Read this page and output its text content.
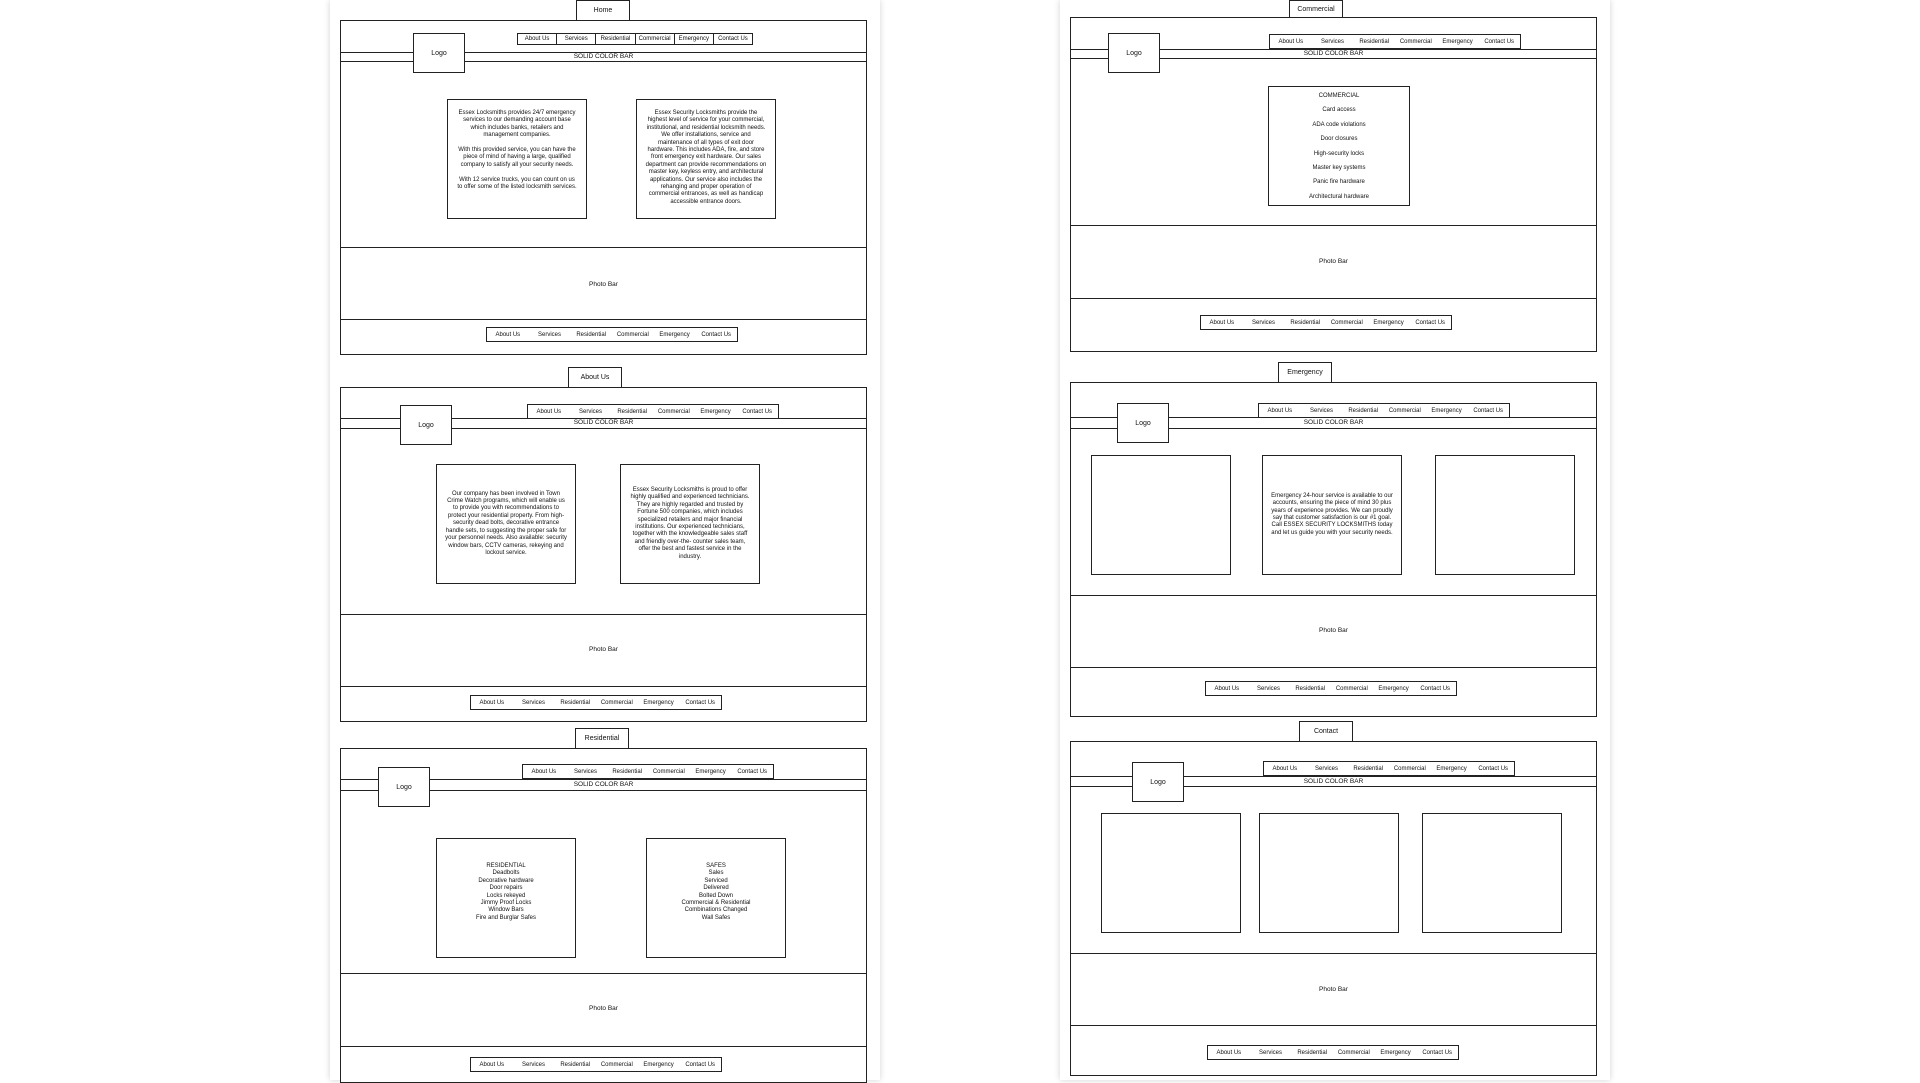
Home
About Us	Services	Residential	Commercial	Emergency	Contact Us
SOLID COLOR BAR
Logo
Essex Locksmiths provides 24/7 emergency services to our demanding account base which includes banks, retailers and management companies.

With this provided service, you can have the piece of mind of having a large, qualified company to satisfy all your security needs.

With 12 service trucks, you can count on us to offer some of the listed locksmith services.
Essex Security Locksmiths provide the highest level of service for your commercial, institutional, and residential locksmith needs. We offer installations, service and maintenance of all types of exit door hardware. This includes ADA, fire, and store front emergency exit hardware. Our sales department can provide recommendations on master key, keyless entry, and architectural applications. Our service also includes the rehanging and proper operation of commercial entrances, as well as handicap accessible entrance doors.
Photo Bar
About Us	Services	Residential	Commercial	Emergency	Contact Us
About Us
About Us	Services	Residential	Commercial	Emergency	Contact Us
SOLID COLOR BAR
Logo
Our company has been involved in Town Crime Watch programs, which will enable us to provide you with recommendations to protect your residential property. From high-security dead bolts, decorative entrance handle sets, to suggesting the proper safe for your personnel needs. Also available: security window bars, CCTV cameras, rekeying and lockout service.
Essex Security Locksmiths is proud to offer highly qualified and experienced technicians. They are highly regarded and trusted by Fortune 500 companies, which includes specialized retailers and major financial institutions. Our experienced technicians, together with the knowledgeable sales staff and friendly over-the- counter sales team, offer the best and fastest service in the industry.
Photo Bar
About Us	Services	Residential	Commercial	Emergency	Contact Us
Residential
About Us	Services	Residential	Commercial	Emergency	Contact Us
SOLID COLOR BAR
Logo
RESIDENTIAL
Deadbolts
Decorative hardware
Door repairs
Locks rekeyed
Jimmy Proof Locks
Window Bars
Fire and Burglar Safes
SAFES
Sales
Serviced
Delivered
Bolted Down
Commercial & Residential
Combinations Changed
Wall Safes
Photo Bar
About Us	Services	Residential	Commercial	Emergency	Contact Us
Commercial
About Us	Services	Residential	Commercial	Emergency	Contact Us
SOLID COLOR BAR
Logo
COMMERCIAL
Card access
ADA code violations
Door closures
High-security locks
Master key systems
Panic fire hardware
Architectural hardware
Photo Bar
About Us	Services	Residential	Commercial	Emergency	Contact Us
Emergency
About Us	Services	Residential	Commercial	Emergency	Contact Us
SOLID COLOR BAR
Logo
Emergency 24-hour service is available to our accounts, ensuring the piece of mind 30 plus years of experience provides. We can proudly say that customer satisfaction is our #1 goal. Call ESSEX SECURITY LOCKSMITHS today and let us guide you with your security needs.
Photo Bar
About Us	Services	Residential	Commercial	Emergency	Contact Us
Contact
About Us	Services	Residential	Commercial	Emergency	Contact Us
SOLID COLOR BAR
Logo
Photo Bar
About Us	Services	Residential	Commercial	Emergency	Contact Us
